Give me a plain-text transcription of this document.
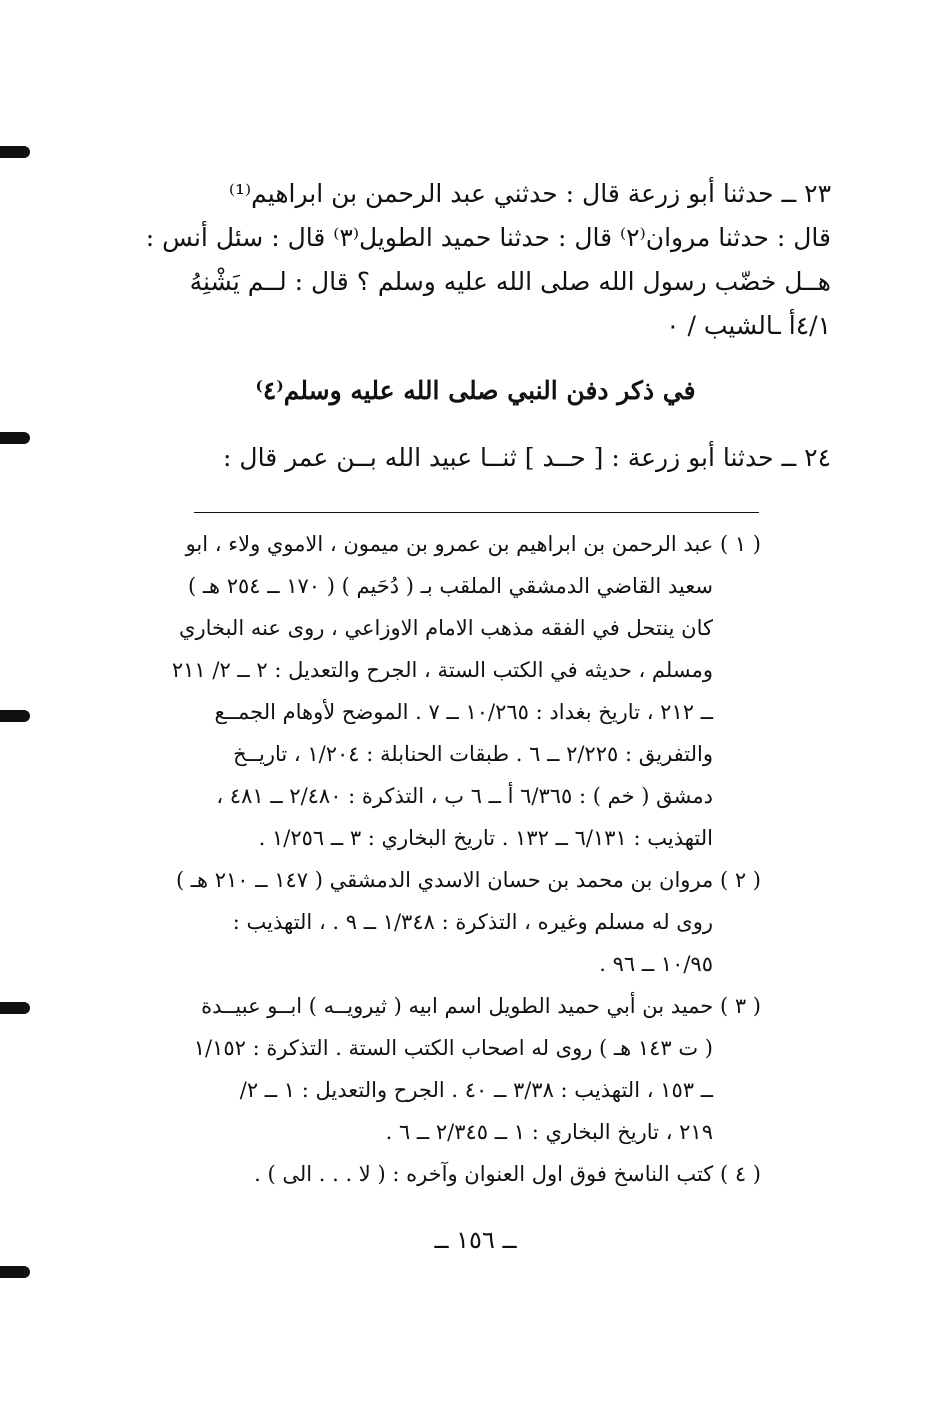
٢٣ ــ حدثنا أبو زرعة قال : حدثني عبد الرحمن بن ابراهيم⁽¹⁾
قال : حدثنا مروان⁽٢⁾ قال : حدثنا حميد الطويل⁽٣⁾ قال : سئل أنس :
هــل خضّب رسول الله صلى الله عليه وسلم ؟ قال : لــم يَشْنِهُ
٤/١أ ـالشيب / ٠
في ذكر دفن النبي صلى الله عليه وسلم⁽٤⁾
٢٤ ــ حدثنا أبو زرعة : [ حــد ] ثنــا عبيد الله بــن عمر قال :
( ١ ) عبد الرحمن بن ابراهيم بن عمرو بن ميمون ، الاموي ولاء ، ابو
سعيد القاضي الدمشقي الملقب بـ ( دُحَيم ) ( ١٧٠ ــ ٢٥٤ هـ )
كان ينتحل في الفقه مذهب الامام الاوزاعي ، روى عنه البخاري
ومسلم ، حديثه في الكتب الستة ، الجرح والتعديل : ٢ ــ ٢/ ٢١١
ــ ٢١٢ ، تاريخ بغداد : ١٠/٢٦٥ ــ ٧ . الموضح لأوهام الجمــع
والتفريق : ٢/٢٢٥ ــ ٦ . طبقات الحنابلة : ١/٢٠٤ ، تاريــخ
دمشق ( خم ) : ٦/٣٦٥ أ ــ ٦ ب ، التذكرة : ٢/٤٨٠ ــ ٤٨١ ،
التهذيب : ٦/١٣١ ــ ١٣٢ . تاريخ البخاري : ٣ ــ ١/٢٥٦ .
( ٢ ) مروان بن محمد بن حسان الاسدي الدمشقي ( ١٤٧ ــ ٢١٠ هـ )
روى له مسلم وغيره ، التذكرة : ١/٣٤٨ ــ ٩ . ، التهذيب :
١٠/٩٥ ــ ٩٦ .
( ٣ ) حميد بن أبي حميد الطويل اسم ابيه ( ثيرويــه ) ابــو عبيــدة
( ت ١٤٣ هـ ) روى له اصحاب الكتب الستة . التذكرة : ١/١٥٢
ــ ١٥٣ ، التهذيب : ٣/٣٨ ــ ٤٠ . الجرح والتعديل : ١ ــ ٢/
٢١٩ ، تاريخ البخاري : ١ ــ ٢/٣٤٥ ــ ٦ .
( ٤ ) كتب الناسخ فوق اول العنوان وآخره : ( لا . . . الى ) .
ــ ١٥٦ ــ
